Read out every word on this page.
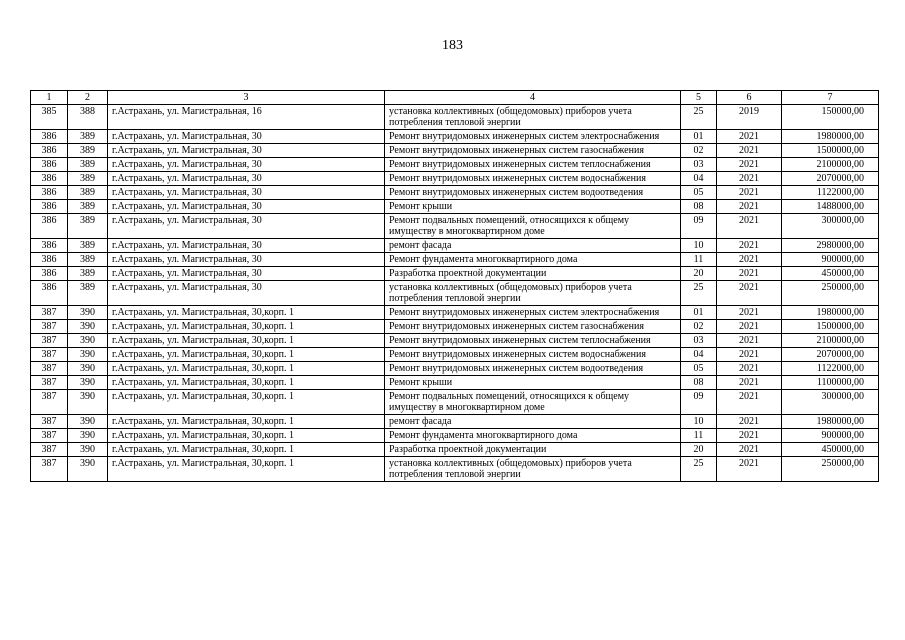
183
1	2	3	4	5	6	7
385	388	г.Астрахань, ул. Магистральная, 16	установка коллективных (общедомовых) приборов учета потребления тепловой энергии	25	2019	150000,00
386	389	г.Астрахань, ул. Магистральная, 30	Ремонт внутридомовых инженерных систем электроснабжения	01	2021	1980000,00
386	389	г.Астрахань, ул. Магистральная, 30	Ремонт внутридомовых инженерных систем газоснабжения	02	2021	1500000,00
386	389	г.Астрахань, ул. Магистральная, 30	Ремонт внутридомовых инженерных систем теплоснабжения	03	2021	2100000,00
386	389	г.Астрахань, ул. Магистральная, 30	Ремонт внутридомовых инженерных систем водоснабжения	04	2021	2070000,00
386	389	г.Астрахань, ул. Магистральная, 30	Ремонт внутридомовых инженерных систем водоотведения	05	2021	1122000,00
386	389	г.Астрахань, ул. Магистральная, 30	Ремонт крыши	08	2021	1488000,00
386	389	г.Астрахань, ул. Магистральная, 30	Ремонт подвальных помещений, относящихся к общему имуществу в многоквартирном доме	09	2021	300000,00
386	389	г.Астрахань, ул. Магистральная, 30	ремонт фасада	10	2021	2980000,00
386	389	г.Астрахань, ул. Магистральная, 30	Ремонт фундамента многоквартирного дома	11	2021	900000,00
386	389	г.Астрахань, ул. Магистральная, 30	Разработка проектной документации	20	2021	450000,00
386	389	г.Астрахань, ул. Магистральная, 30	установка коллективных (общедомовых) приборов учета потребления тепловой энергии	25	2021	250000,00
387	390	г.Астрахань, ул. Магистральная, 30,корп. 1	Ремонт внутридомовых инженерных систем электроснабжения	01	2021	1980000,00
387	390	г.Астрахань, ул. Магистральная, 30,корп. 1	Ремонт внутридомовых инженерных систем газоснабжения	02	2021	1500000,00
387	390	г.Астрахань, ул. Магистральная, 30,корп. 1	Ремонт внутридомовых инженерных систем теплоснабжения	03	2021	2100000,00
387	390	г.Астрахань, ул. Магистральная, 30,корп. 1	Ремонт внутридомовых инженерных систем водоснабжения	04	2021	2070000,00
387	390	г.Астрахань, ул. Магистральная, 30,корп. 1	Ремонт внутридомовых инженерных систем водоотведения	05	2021	1122000,00
387	390	г.Астрахань, ул. Магистральная, 30,корп. 1	Ремонт крыши	08	2021	1100000,00
387	390	г.Астрахань, ул. Магистральная, 30,корп. 1	Ремонт подвальных помещений, относящихся к общему имуществу в многоквартирном доме	09	2021	300000,00
387	390	г.Астрахань, ул. Магистральная, 30,корп. 1	ремонт фасада	10	2021	1980000,00
387	390	г.Астрахань, ул. Магистральная, 30,корп. 1	Ремонт фундамента многоквартирного дома	11	2021	900000,00
387	390	г.Астрахань, ул. Магистральная, 30,корп. 1	Разработка проектной документации	20	2021	450000,00
387	390	г.Астрахань, ул. Магистральная, 30,корп. 1	установка коллективных (общедомовых) приборов учета потребления тепловой энергии	25	2021	250000,00
